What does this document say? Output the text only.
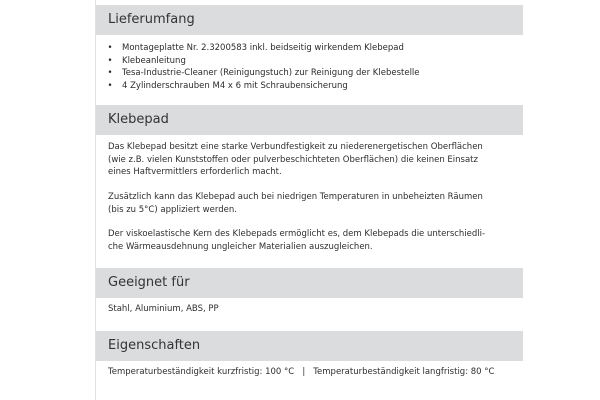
Lieferumfang
• Montageplatte Nr. 2.3200583 inkl. beidseitig wirkendem Klebepad
• Klebeanleitung
• Tesa-Industrie-Cleaner (Reinigungstuch) zur Reinigung der Klebestelle
• 4 Zylinderschrauben M4 x 6 mit Schraubensicherung
Klebepad
Das Klebepad besitzt eine starke Verbundfestigkeit zu niederenergetischen Oberflächen
(wie z.B. vielen Kunststoffen oder pulverbeschichteten Oberflächen) die keinen Einsatz
eines Haftvermittlers erforderlich macht.
Zusätzlich kann das Klebepad auch bei niedrigen Temperaturen in unbeheizten Räumen
(bis zu 5°C) appliziert werden.
Der viskoelastische Kern des Klebepads ermöglicht es, dem Klebepads die unterschiedli-
che Wärmeausdehnung ungleicher Materialien auszugleichen.
Geeignet für
Stahl, Aluminium, ABS, PP
Eigenschaften
Temperaturbeständigkeit kurzfristig: 100 °C   |   Temperaturbeständigkeit langfristig: 80 °C
